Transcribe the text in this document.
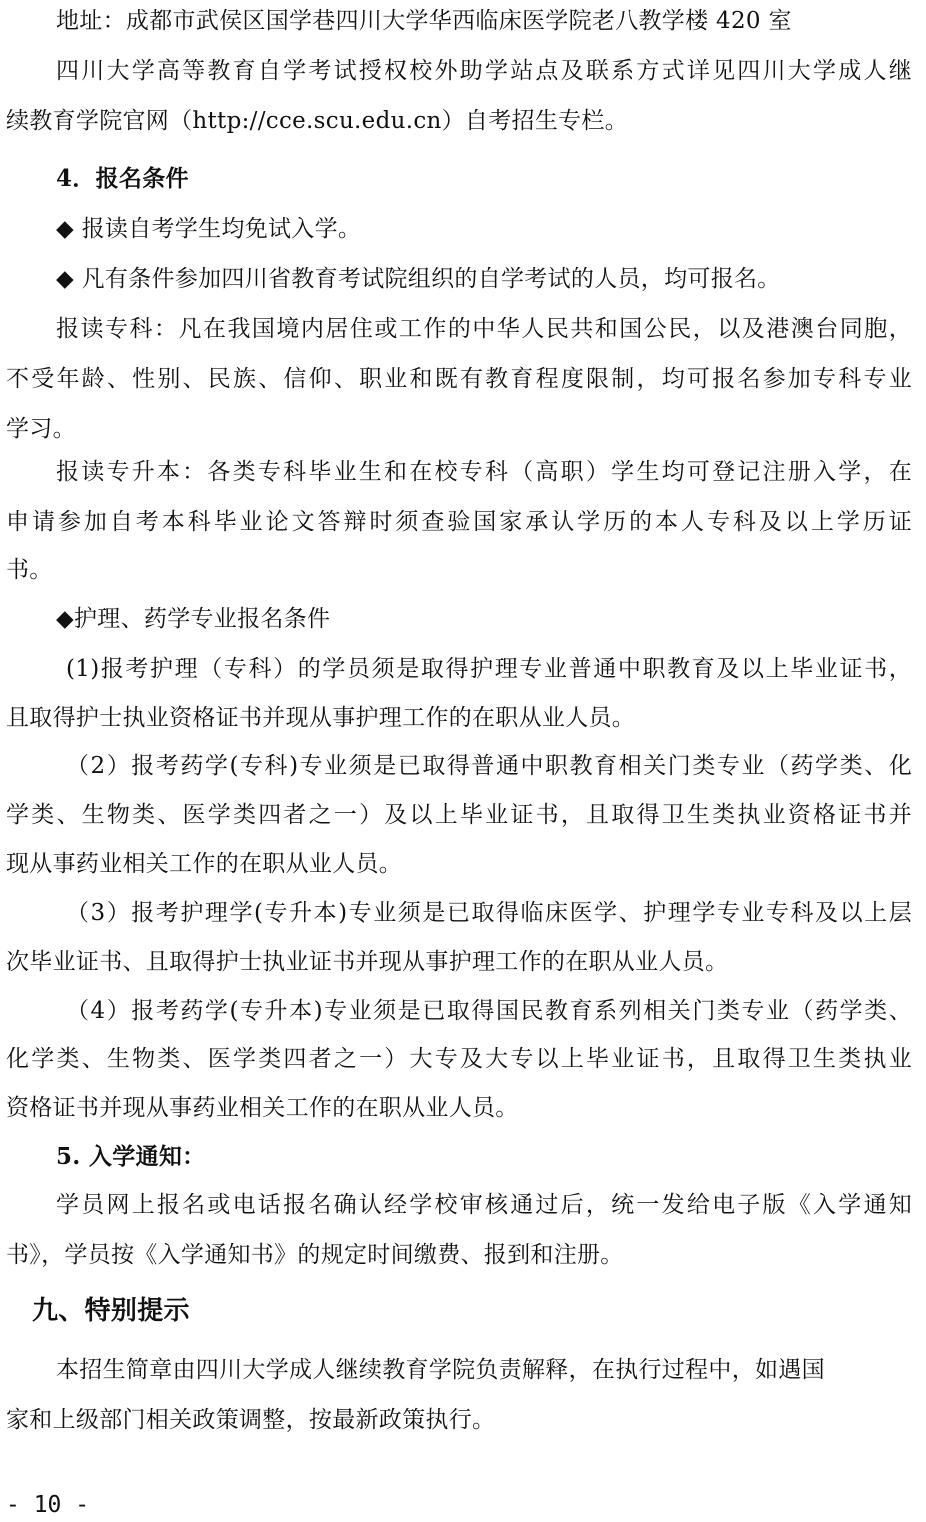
地址：成都市武侯区国学巷四川大学华西临床医学院老八教学楼 420 室
四川大学高等教育自学考试授权校外助学站点及联系方式详见四川大学成人继
续教育学院官网（http://cce.scu.edu.cn）自考招生专栏。
4．报名条件
◆ 报读自考学生均免试入学。
◆ 凡有条件参加四川省教育考试院组织的自学考试的人员，均可报名。
报读专科：凡在我国境内居住或工作的中华人民共和国公民，以及港澳台同胞，
不受年龄、性别、民族、信仰、职业和既有教育程度限制，均可报名参加专科专业
学习。
报读专升本：各类专科毕业生和在校专科（高职）学生均可登记注册入学，在
申请参加自考本科毕业论文答辩时须查验国家承认学历的本人专科及以上学历证
书。
◆护理、药学专业报名条件
(1)报考护理（专科）的学员须是取得护理专业普通中职教育及以上毕业证书，
且取得护士执业资格证书并现从事护理工作的在职从业人员。
（2）报考药学(专科)专业须是已取得普通中职教育相关门类专业（药学类、化
学类、生物类、医学类四者之一）及以上毕业证书，且取得卫生类执业资格证书并
现从事药业相关工作的在职从业人员。
（3）报考护理学(专升本)专业须是已取得临床医学、护理学专业专科及以上层
次毕业证书、且取得护士执业证书并现从事护理工作的在职从业人员。
（4）报考药学(专升本)专业须是已取得国民教育系列相关门类专业（药学类、
化学类、生物类、医学类四者之一）大专及大专以上毕业证书，且取得卫生类执业
资格证书并现从事药业相关工作的在职从业人员。
5. 入学通知：
学员网上报名或电话报名确认经学校审核通过后，统一发给电子版《入学通知
书》，学员按《入学通知书》的规定时间缴费、报到和注册。
九、特别提示
本招生简章由四川大学成人继续教育学院负责解释，在执行过程中，如遇国
家和上级部门相关政策调整，按最新政策执行。
- 10 -
